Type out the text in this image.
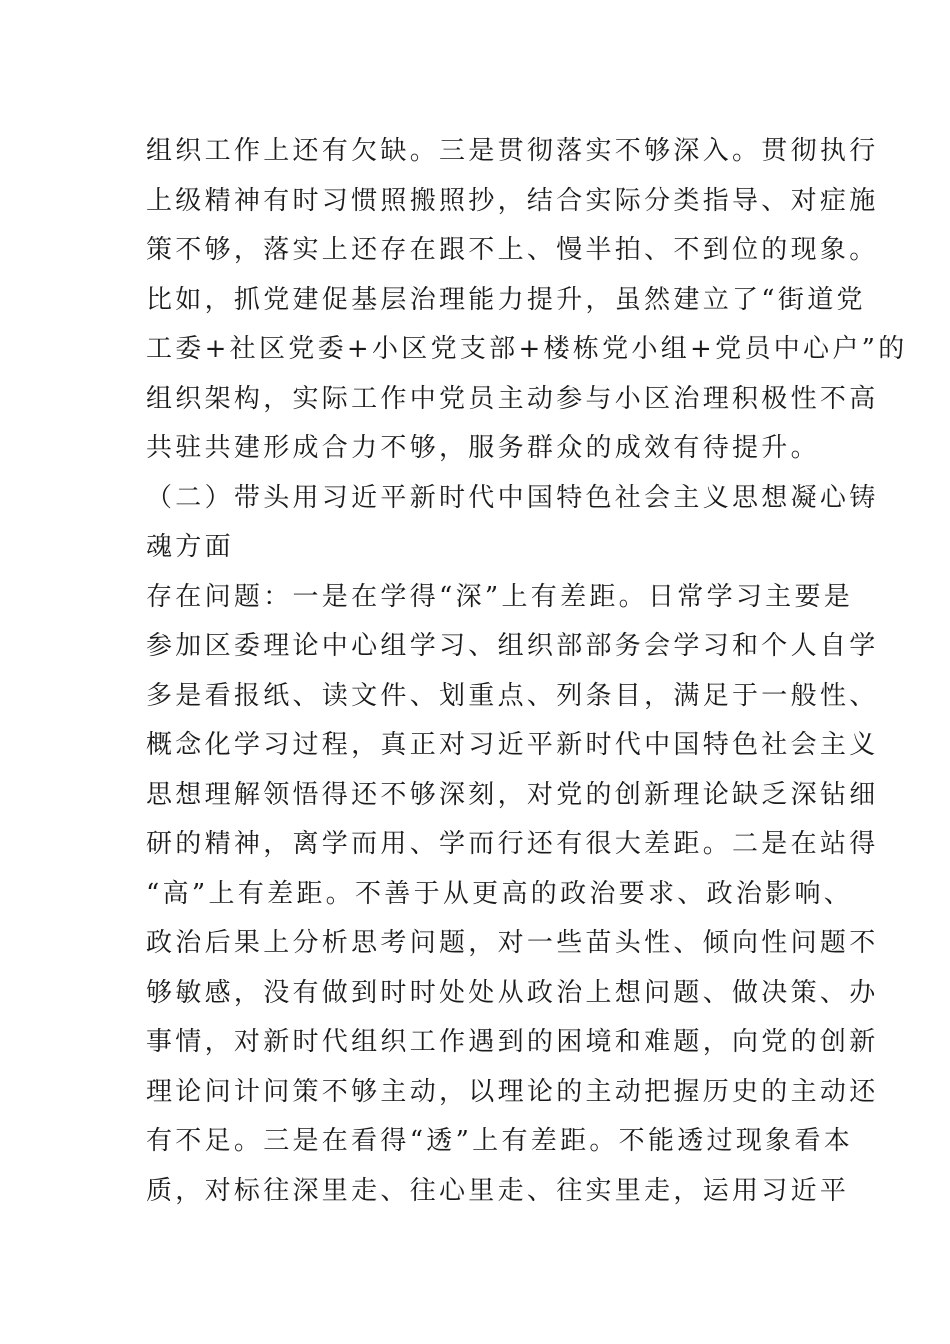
组织工作上还有欠缺。三是贯彻落实不够深入。贯彻执行
上级精神有时习惯照搬照抄，结合实际分类指导、对症施
策不够，落实上还存在跟不上、慢半拍、不到位的现象。
比如，抓党建促基层治理能力提升，虽然建立了“街道党
工委+社区党委+小区党支部+楼栋党小组+党员中心户”的
组织架构，实际工作中党员主动参与小区治理积极性不高
共驻共建形成合力不够，服务群众的成效有待提升。
（二）带头用习近平新时代中国特色社会主义思想凝心铸
魂方面
存在问题：一是在学得“深”上有差距。日常学习主要是
参加区委理论中心组学习、组织部部务会学习和个人自学
多是看报纸、读文件、划重点、列条目，满足于一般性、
概念化学习过程，真正对习近平新时代中国特色社会主义
思想理解领悟得还不够深刻，对党的创新理论缺乏深钻细
研的精神，离学而用、学而行还有很大差距。二是在站得
“高”上有差距。不善于从更高的政治要求、政治影响、
政治后果上分析思考问题，对一些苗头性、倾向性问题不
够敏感，没有做到时时处处从政治上想问题、做决策、办
事情，对新时代组织工作遇到的困境和难题，向党的创新
理论问计问策不够主动，以理论的主动把握历史的主动还
有不足。三是在看得“透”上有差距。不能透过现象看本
质，对标往深里走、往心里走、往实里走，运用习近平
